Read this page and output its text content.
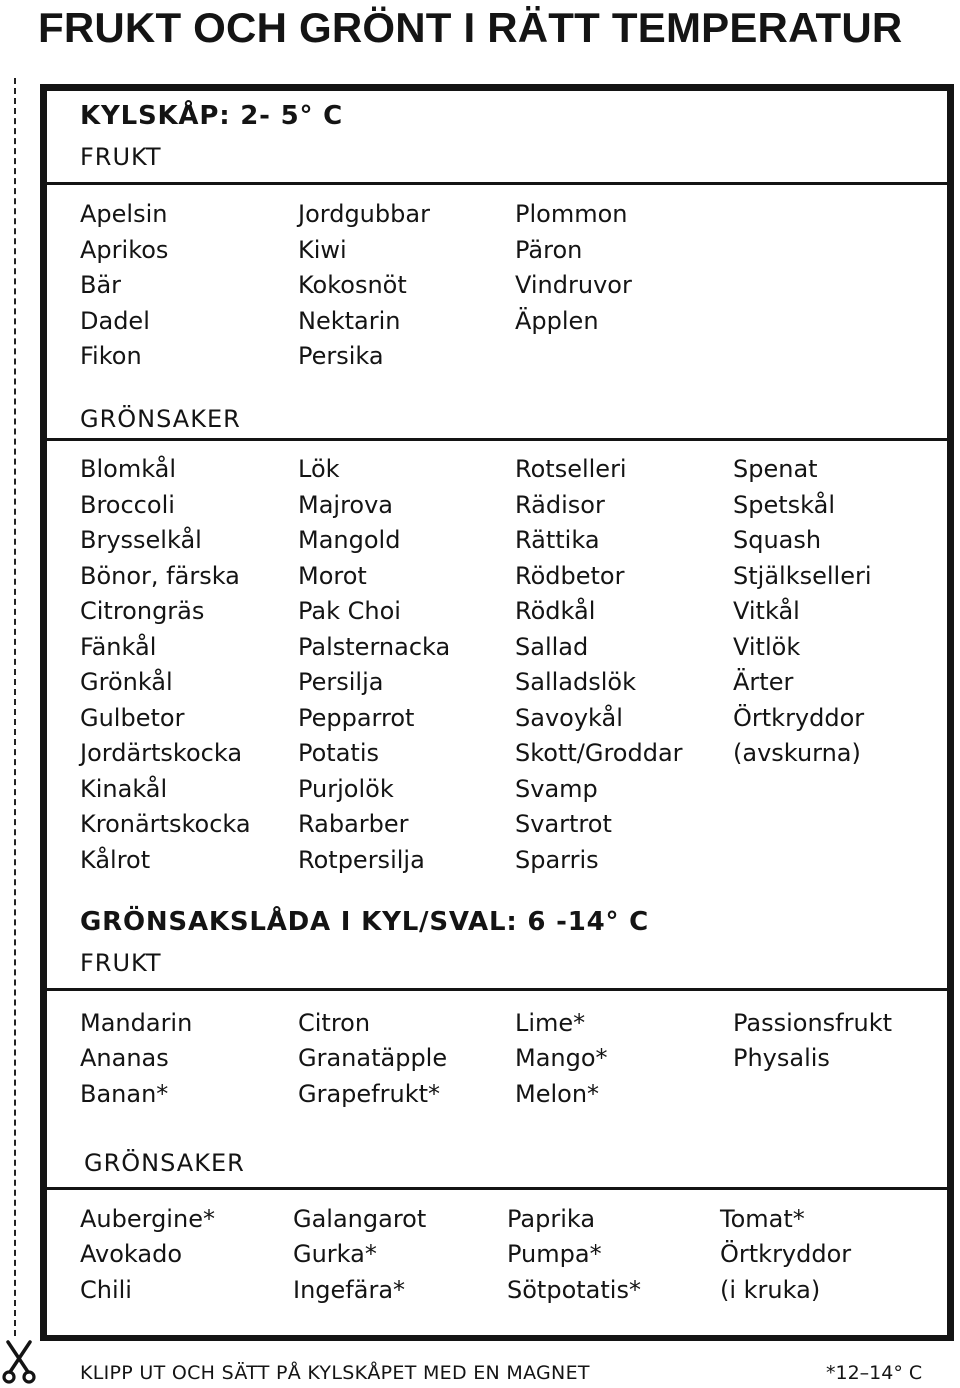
FRUKT OCH GRÖNT I RÄTT TEMPERATUR
KYLSKÅP: 2- 5° C
FRUKT
Apelsin
Aprikos
Bär
Dadel
Fikon
Jordgubbar
Kiwi
Kokosnöt
Nektarin
Persika
Plommon
Päron
Vindruvor
Äpplen
GRÖNSAKER
Blomkål
Broccoli
Brysselkål
Bönor, färska
Citrongräs
Fänkål
Grönkål
Gulbetor
Jordärtskocka
Kinakål
Kronärtskocka
Kålrot
Lök
Majrova
Mangold
Morot
Pak Choi
Palsternacka
Persilja
Pepparrot
Potatis
Purjolök
Rabarber
Rotpersilja
Rotselleri
Rädisor
Rättika
Rödbetor
Rödkål
Sallad
Salladslök
Savoykål
Skott/Groddar
Svamp
Svartrot
Sparris
Spenat
Spetskål
Squash
Stjälkselleri
Vitkål
Vitlök
Ärter
Örtkryddor
(avskurna)
GRÖNSAKSLÅDA I KYL/SVAL: 6 -14° C
FRUKT
Mandarin
Ananas
Banan*
Citron
Granatäpple
Grapefrukt*
Lime*
Mango*
Melon*
Passionsfrukt
Physalis
GRÖNSAKER
Aubergine*
Avokado
Chili
Galangarot
Gurka*
Ingefära*
Paprika
Pumpa*
Sötpotatis*
Tomat*
Örtkryddor
(i kruka)
KLIPP UT OCH SÄTT PÅ KYLSKÅPET MED EN MAGNET	*12–14° C
